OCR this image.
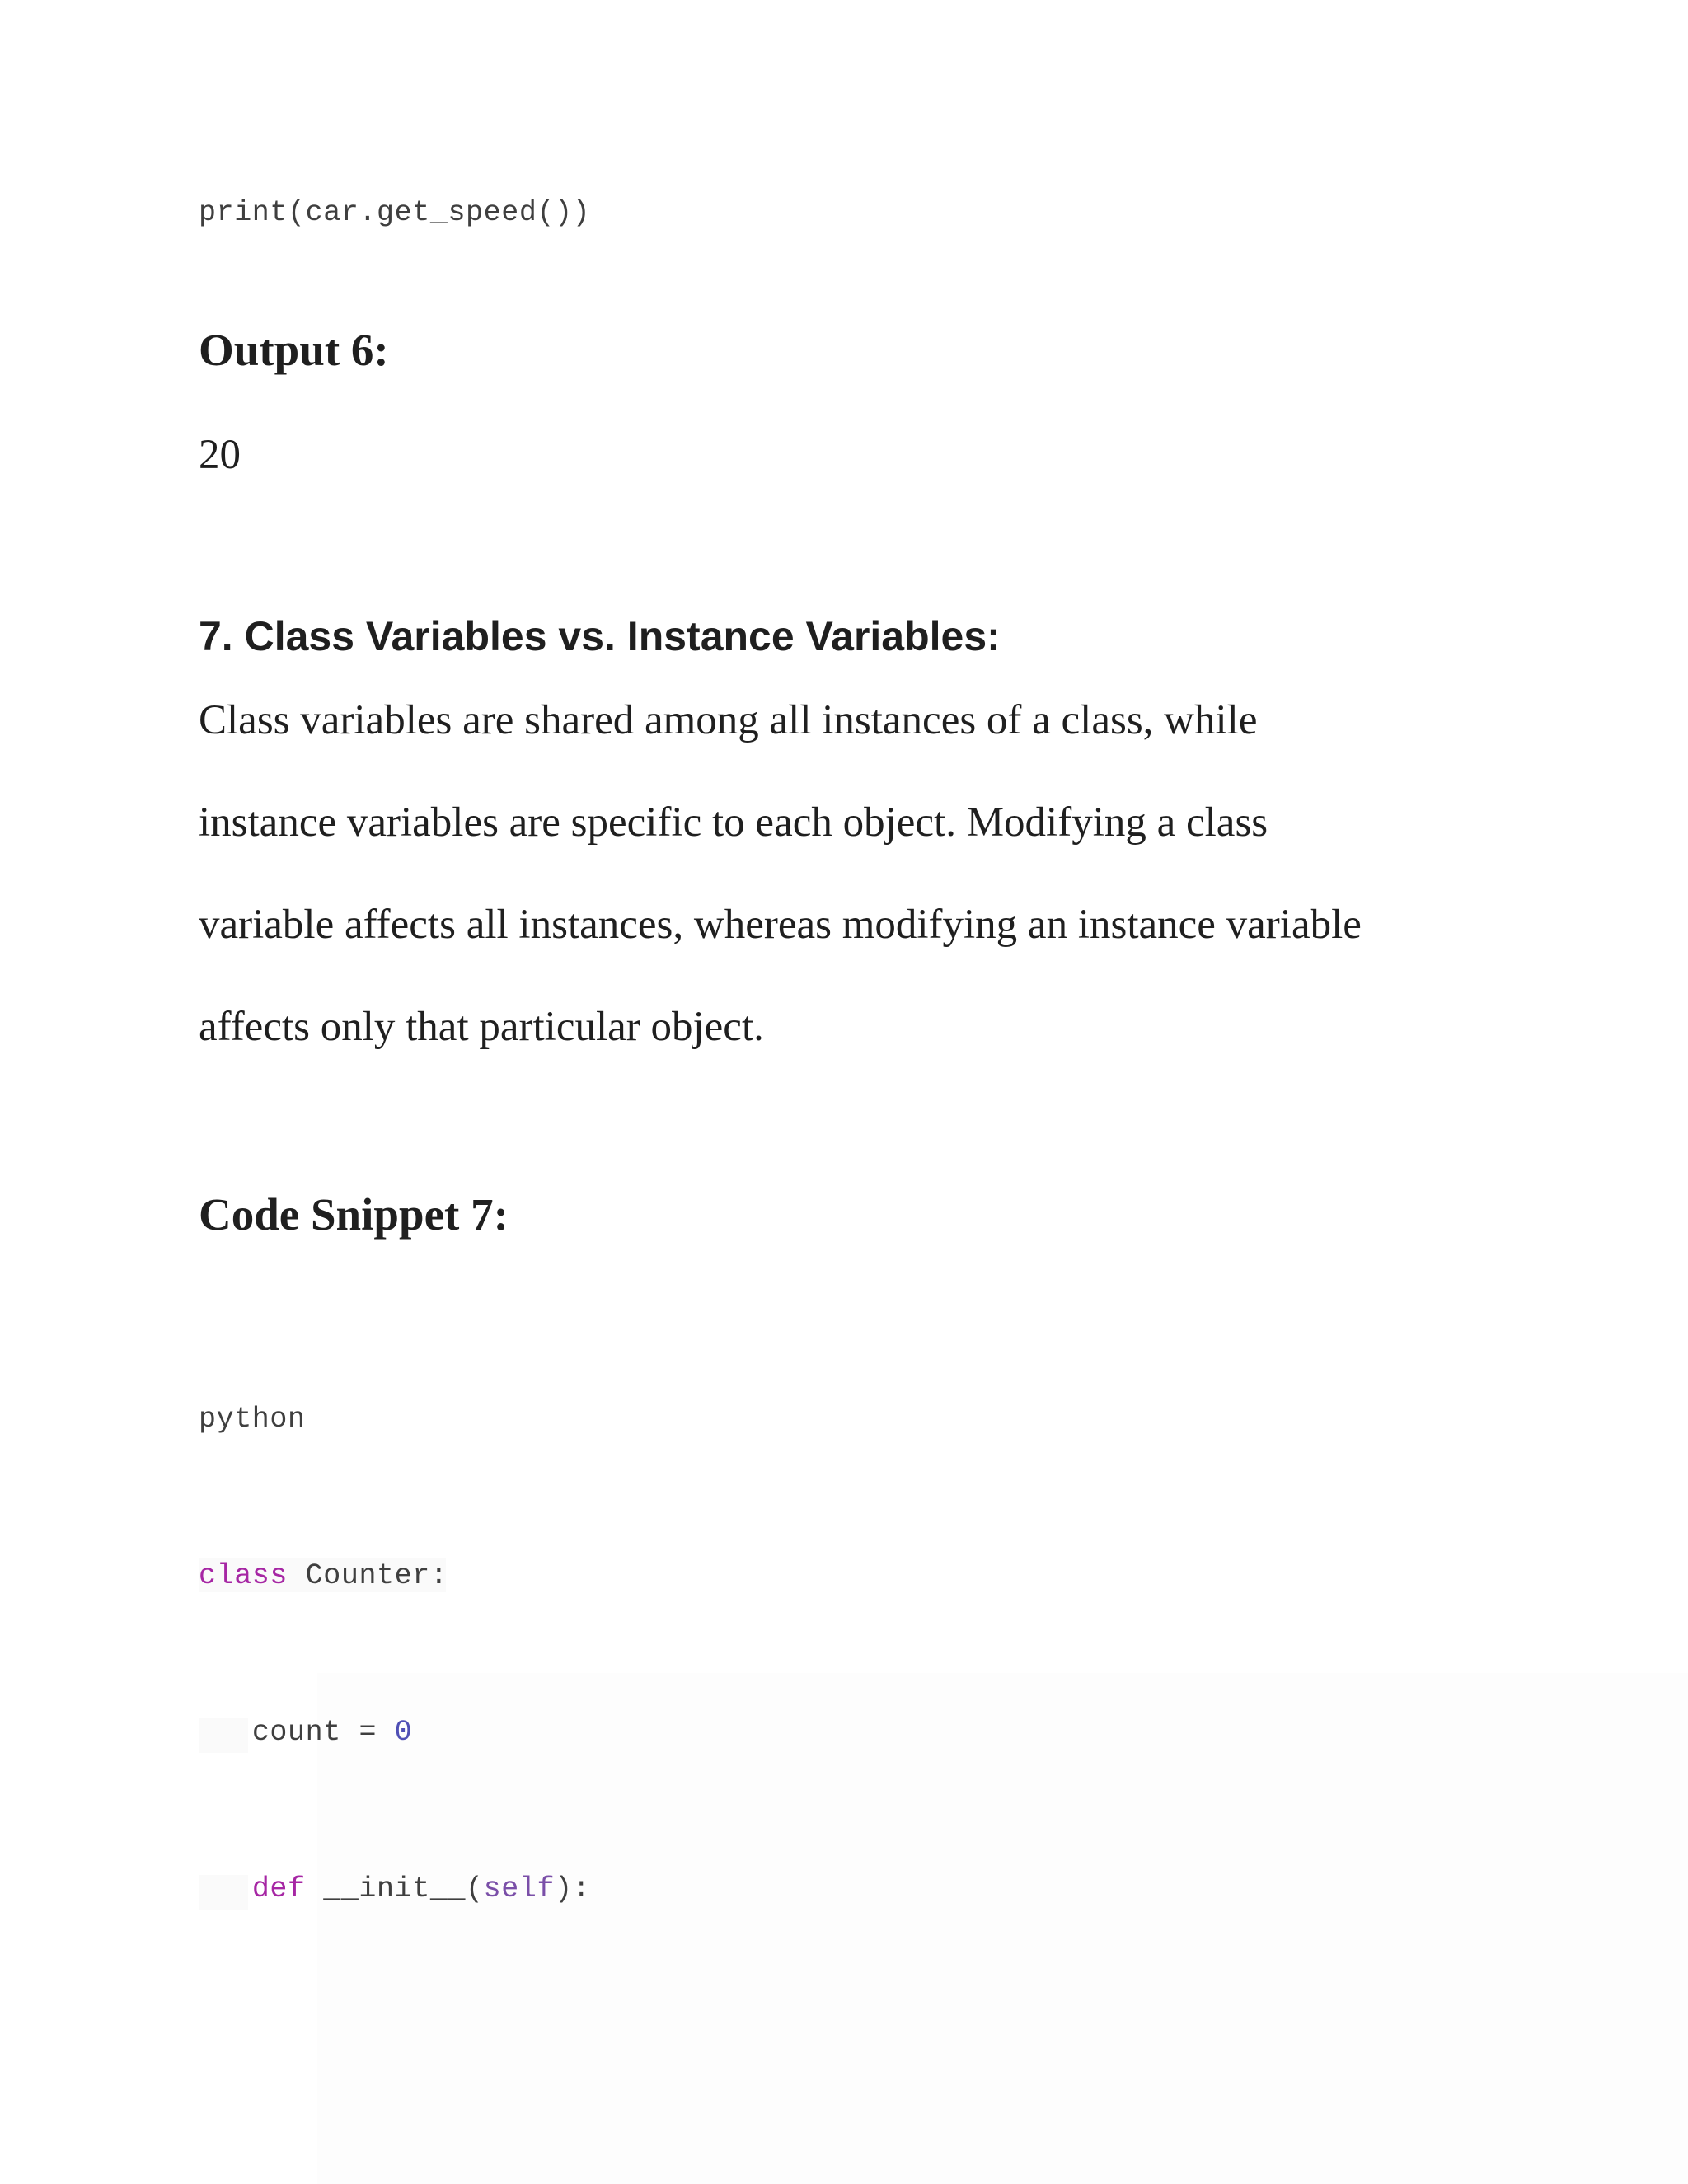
print(car.get_speed())
Output 6:
20
7. Class Variables vs. Instance Variables:
Class variables are shared among all instances of a class, while
instance variables are specific to each object. Modifying a class
variable affects all instances, whereas modifying an instance variable
affects only that particular object.
Code Snippet 7:
python
class Counter:
count = 0
def __init__(self):
